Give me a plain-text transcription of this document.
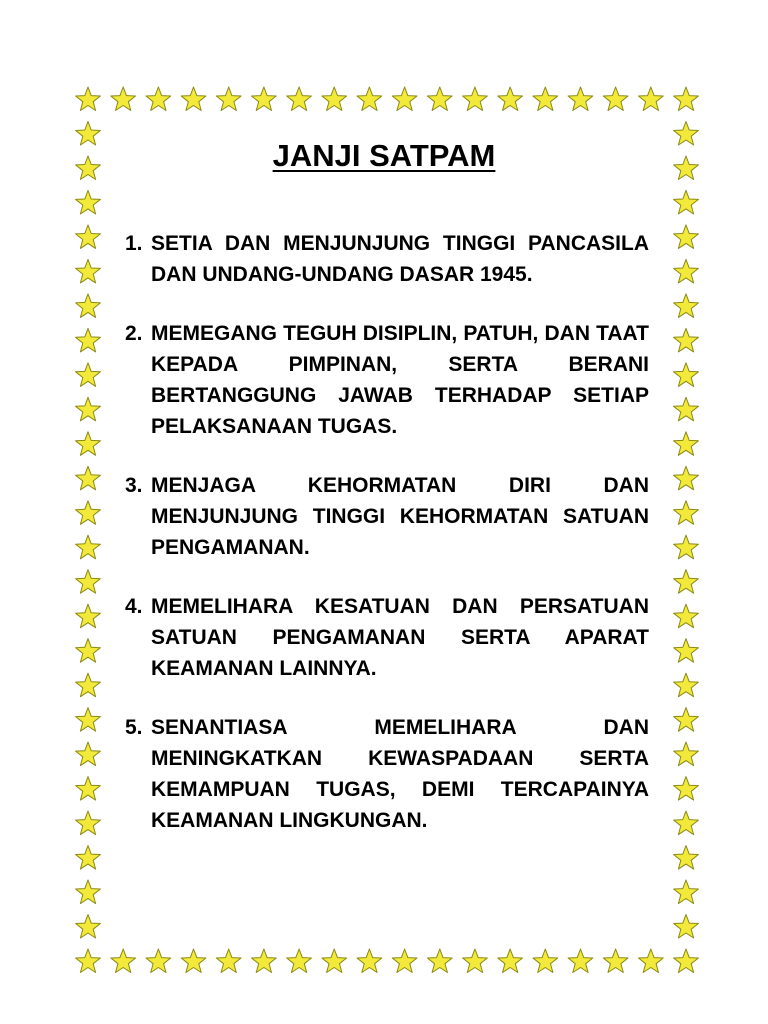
JANJI SATPAM
1. SETIA DAN MENJUNJUNG TINGGI PANCASILA DAN UNDANG-UNDANG DASAR 1945.
2. MEMEGANG TEGUH DISIPLIN, PATUH, DAN TAAT KEPADA PIMPINAN, SERTA BERANI BERTANGGUNG JAWAB TERHADAP SETIAP PELAKSANAAN TUGAS.
3. MENJAGA KEHORMATAN DIRI DAN MENJUNJUNG TINGGI KEHORMATAN SATUAN PENGAMANAN.
4. MEMELIHARA KESATUAN DAN PERSATUAN SATUAN PENGAMANAN SERTA APARAT KEAMANAN LAINNYA.
5. SENANTIASA MEMELIHARA DAN MENINGKATKAN KEWASPADAAN SERTA KEMAMPUAN TUGAS, DEMI TERCAPAINYA KEAMANAN LINGKUNGAN.
